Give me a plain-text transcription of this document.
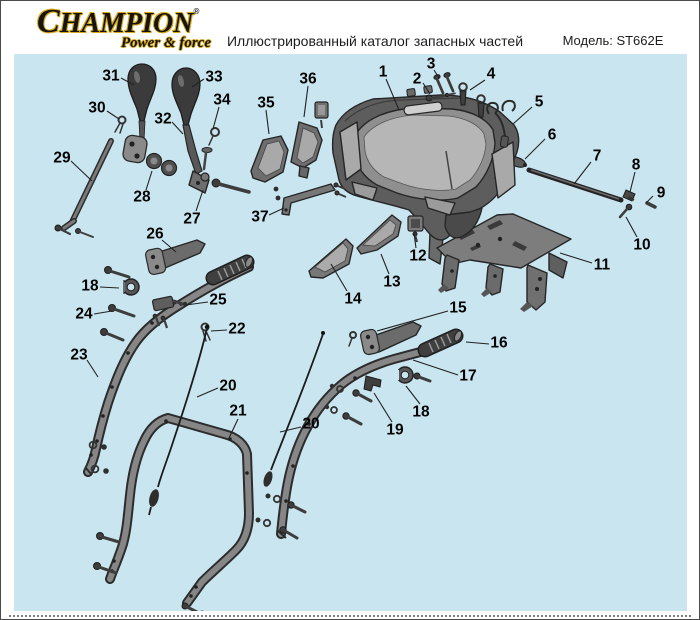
CHAMPION®
Power & force	Иллюстрированный каталог запасных частей	Модель: ST662E
31	33
30	34 35
36
32
29
28
27	37
1 2
3
4
5
6
7
8
9
10
11
12
13
14
26
18
24
25
22
23
15
16
17
18
19
20
21
20
